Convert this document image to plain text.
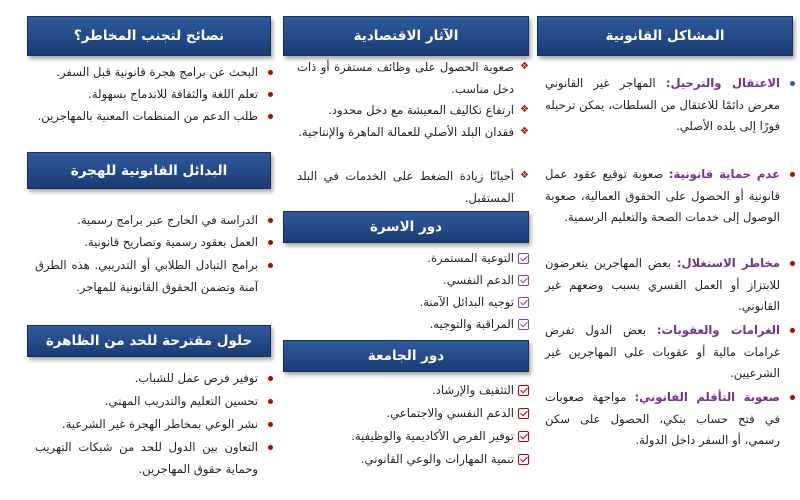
المشاكل القانونية
الاعتقال والترحيل: المهاجر غير القانوني معرض دائمًا للاعتقال من السلطات، يمكن ترحيله فورًا إلى بلده الأصلي.
عدم حماية قانونية: صعوبة توقيع عقود عمل قانونية أو الحصول على الحقوق العمالية، صعوبة الوصول إلى خدمات الصحة والتعليم الرسمية.
مخاطر الاستغلال: بعض المهاجرين يتعرضون للابتزاز أو العمل القسري بسبب وضعهم غير القانوني.
الغرامات والعقوبات: بعض الدول تفرض غرامات مالية أو عقوبات على المهاجرين غير الشرعيين.
صعوبة التأقلم القانوني: مواجهة صعوبات في فتح حساب بنكي، الحصول على سكن رسمي، أو السفر داخل الدولة.
الآثار الاقتصادية
❖
صعوبة الحصول على وظائف مستقرة أو ذات دخل مناسب.
❖
ارتفاع تكاليف المعيشة مع دخل محدود.
❖
فقدان البلد الأصلي للعمالة الماهرة والإنتاجية.
❖
أحيانًا زيادة الضغط على الخدمات في البلد المستقبل.
دور الاسرة
التوعية المستمرة.
الدعم النفسي.
توجيه البدائل الآمنة.
المراقبة والتوجيه.
دور الجامعة
التثقيف والإرشاد.
الدعم النفسي والاجتماعي.
توفير الفرص الأكاديمية والوظيفية.
تنمية المهارات والوعي القانوني.
نصائح لتجنب المخاطر؟
البحث عن برامج هجرة قانونية قبل السفر.
تعلم اللغة والثقافة للاندماج بسهولة.
طلب الدعم من المنظمات المعنية بالمهاجرين.
البدائل القانونية للهجرة
الدراسة في الخارج عبر برامج رسمية.
العمل بعقود رسمية وتصاريح قانونية.
برامج التبادل الطلابي أو التدريبي. هذه الطرق آمنة وتضمن الحقوق القانونية للمهاجر.
حلول مقترحة للحد من الظاهرة
توفير فرص عمل للشباب.
تحسين التعليم والتدريب المهني.
نشر الوعي بمخاطر الهجرة غير الشرعية.
التعاون بين الدول للحد من شبكات التهريب وحماية حقوق المهاجرين.
